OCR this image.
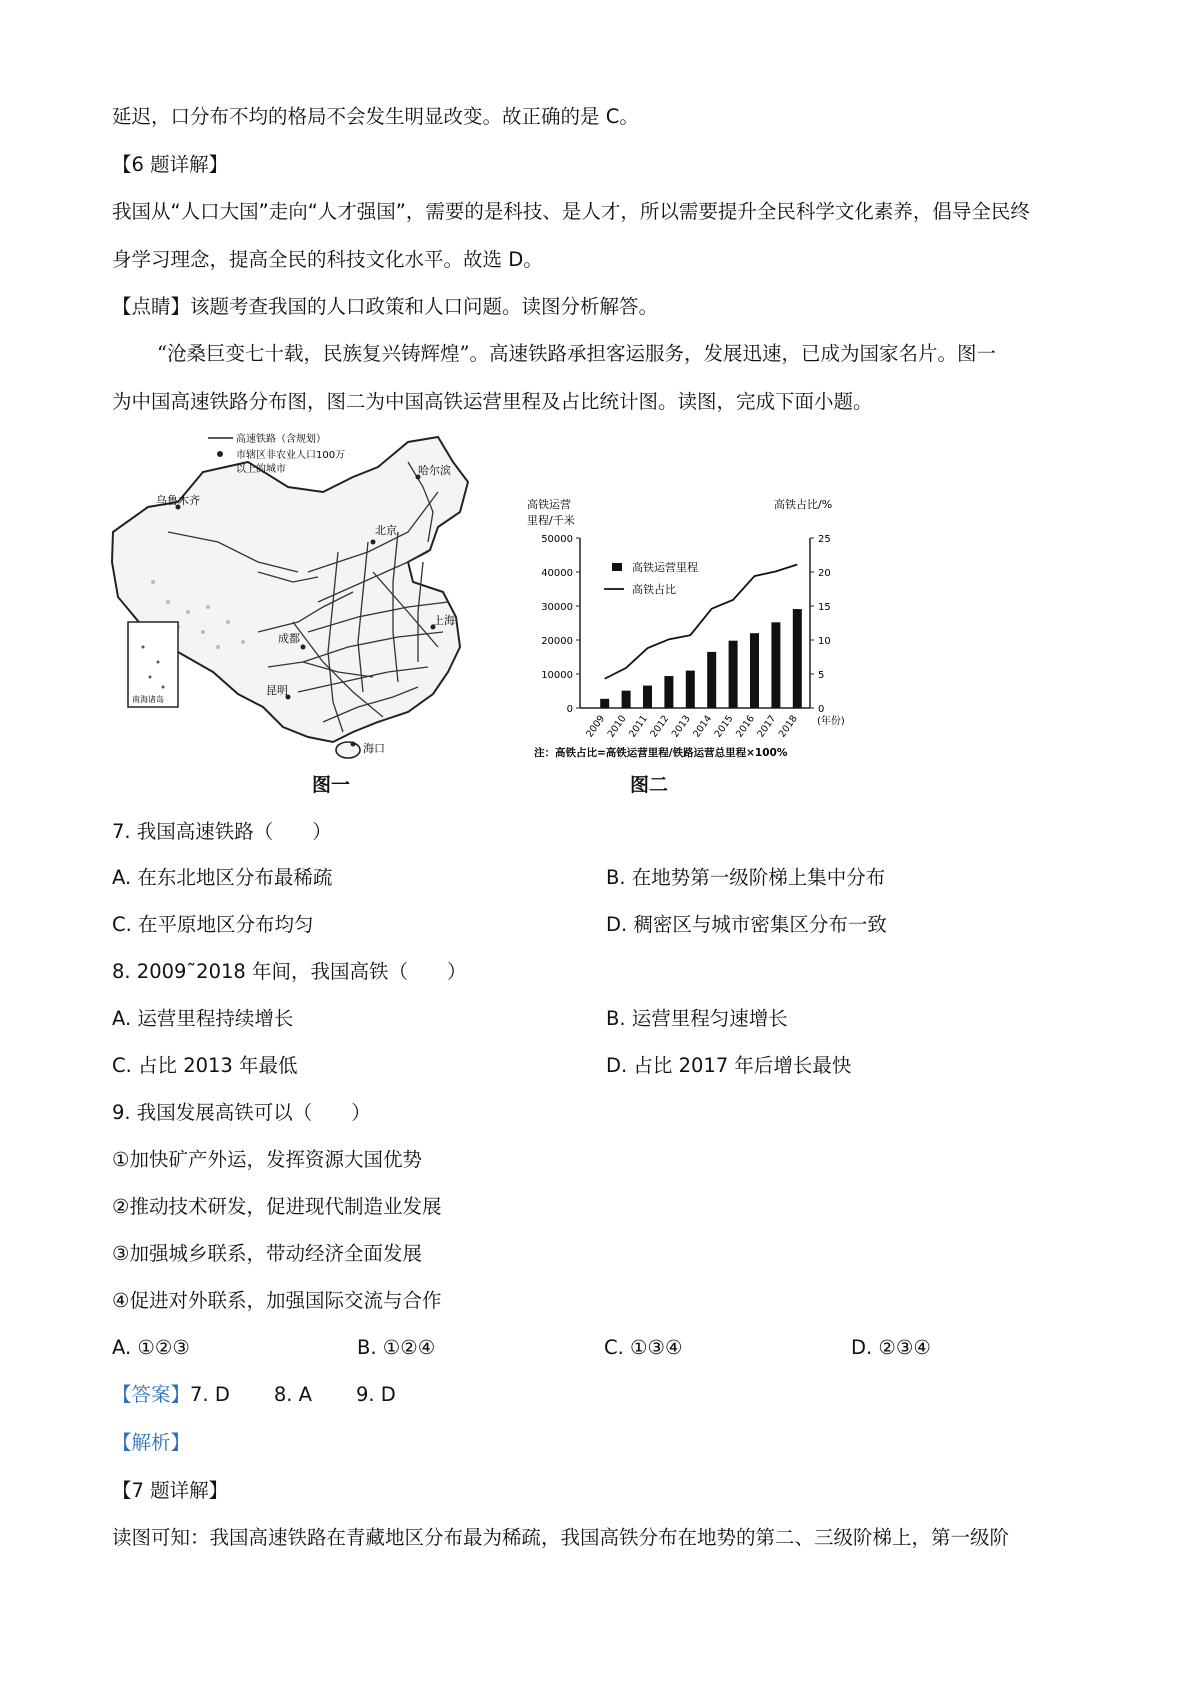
延迟，口分布不均的格局不会发生明显改变。故正确的是 C。
【6 题详解】
我国从“人口大国”走向“人才强国”，需要的是科技、是人才，所以需要提升全民科学文化素养，倡导全民终
身学习理念，提高全民的科技文化水平。故选 D。
【点睛】该题考查我国的人口政策和人口问题。读图分析解答。
“沧桑巨变七十载，民族复兴铸辉煌”。高速铁路承担客运服务，发展迅速，已成为国家名片。图一
为中国高速铁路分布图，图二为中国高铁运营里程及占比统计图。读图，完成下面小题。
南海诸岛
高速铁路（含规划）
市辖区非农业人口100万
以上的城市
乌鲁木齐
哈尔滨
北京
上海
成都
昆明
海口
图一
高铁运营
里程/千米
高铁占比/%
0
10000
20000
30000
40000
50000
0
5
10
15
20
25
2009
2010
2011
2012
2013
2014
2015
2016
2017
2018 (年份)
高铁运营里程
高铁占比
注：高铁占比=高铁运营里程/铁路运营总里程×100%
图二
7. 我国高速铁路（　　）
A. 在东北地区分布最稀疏	B. 在地势第一级阶梯上集中分布
C. 在平原地区分布均匀	D. 稠密区与城市密集区分布一致
8. 2009˜2018 年间，我国高铁（　　）
A. 运营里程持续增长	B. 运营里程匀速增长
C. 占比 2013 年最低	D. 占比 2017 年后增长最快
9. 我国发展高铁可以（　　）
①加快矿产外运，发挥资源大国优势
②推动技术研发，促进现代制造业发展
③加强城乡联系，带动经济全面发展
④促进对外联系，加强国际交流与合作
A. ①②③	B. ①②④	C. ①③④	D. ②③④
【答案】7. D 8. A 9. D
【解析】
【7 题详解】
读图可知：我国高速铁路在青藏地区分布最为稀疏，我国高铁分布在地势的第二、三级阶梯上，第一级阶
